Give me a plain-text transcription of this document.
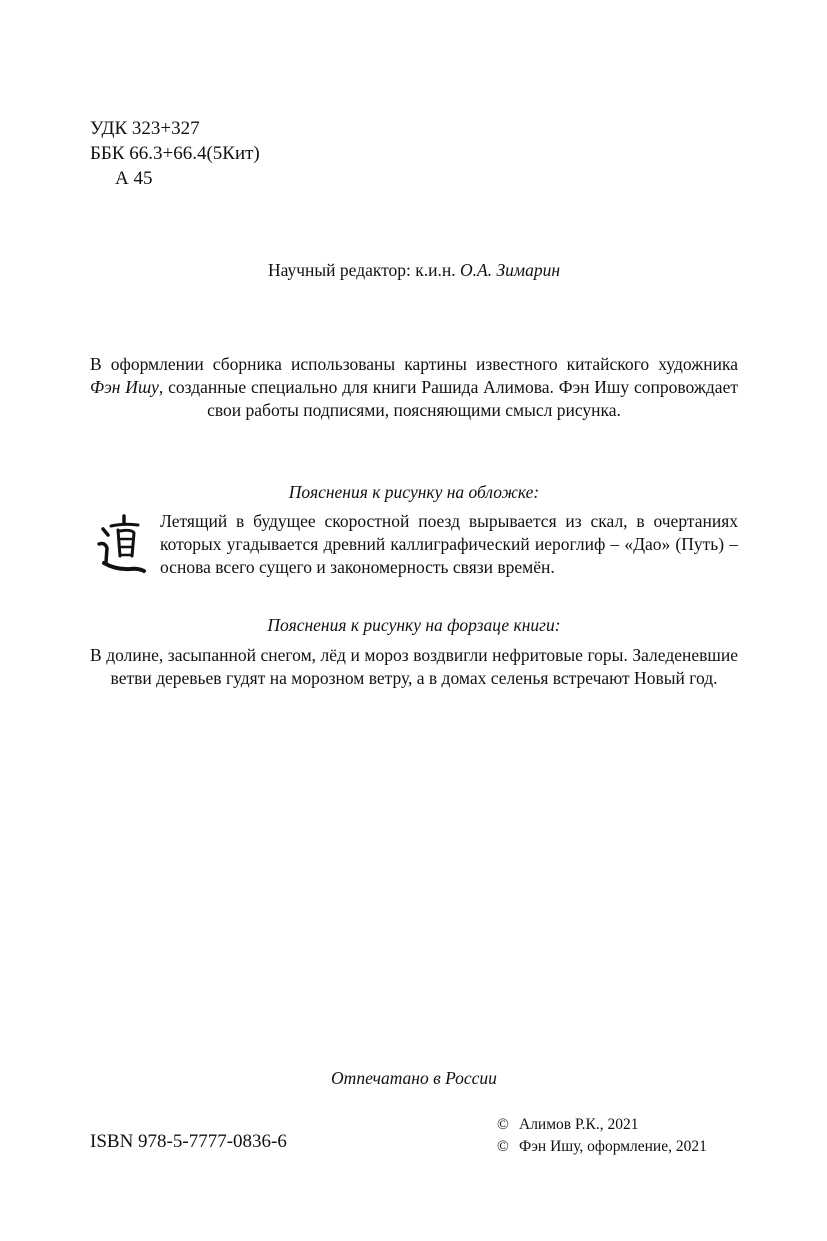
УДК 323+327
ББК 66.3+66.4(5Кит)
А 45
Научный редактор: к.и.н. О.А. Зимарин
В оформлении сборника использованы картины известного китайского художника Фэн Ишу, созданные специально для книги Рашида Алимова. Фэн Ишу сопровождает свои работы подписями, поясняющими смысл рисунка.
Пояснения к рисунку на обложке:
Летящий в будущее скоростной поезд вырывается из скал, в очертаниях которых угадывается древний каллиграфический иероглиф – «Дао» (Путь) – основа всего сущего и закономерность связи времён.
Пояснения к рисунку на форзаце книги:
В долине, засыпанной снегом, лёд и мороз воздвигли нефритовые горы. Заледеневшие ветви деревьев гудят на морозном ветру, а в домах селенья встречают Новый год.
Отпечатано в России
ISBN 978-5-7777-0836-6
© Алимов Р.К., 2021
© Фэн Ишу, оформление, 2021
